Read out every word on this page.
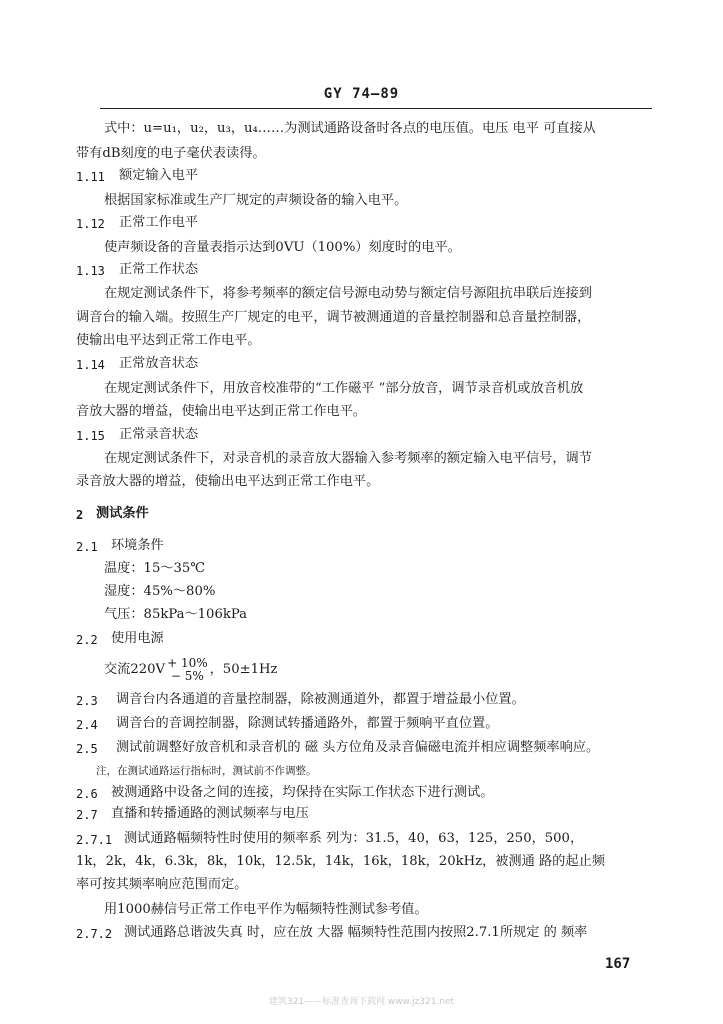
GY 74—89
式中：u=u₁，u₂，u₃，u₄……为测试通路设备时各点的电压值。电压 电平 可直接从
带有dB刻度的电子毫伏表读得。
1.11 额定输入电平
根据国家标准或生产厂规定的声频设备的输入电平。
1.12 正常工作电平
使声频设备的音量表指示达到0VU（100%）刻度时的电平。
1.13 正常工作状态
在规定测试条件下，将参考频率的额定信号源电动势与额定信号源阻抗串联后连接到
调音台的输入端。按照生产厂规定的电平，调节被测通道的音量控制器和总音量控制器，
使输出电平达到正常工作电平。
1.14 正常放音状态
在规定测试条件下，用放音校准带的“工作磁平 ”部分放音，调节录音机或放音机放
音放大器的增益，使输出电平达到正常工作电平。
1.15 正常录音状态
在规定测试条件下，对录音机的录音放大器输入参考频率的额定输入电平信号，调节
录音放大器的增益，使输出电平达到正常工作电平。
2 测试条件
2.1 环境条件
温度：15～35℃
湿度：45%～80%
气压：85kPa～106kPa
2.2 使用电源
交流220V + 10%
− 5% ，50±1Hz
2.3 调音台内各通道的音量控制器，除被测通道外，都置于增益最小位置。
2.4 调音台的音调控制器，除测试转播通路外，都置于频响平直位置。
2.5 测试前调整好放音机和录音机的 磁 头方位角及录音偏磁电流并相应调整频率响应。
注，在测试通路运行指标时，测试前不作调整。
2.6 被测通路中设备之间的连接，均保持在实际工作状态下进行测试。
2.7 直播和转播通路的测试频率与电压
2.7.1 测试通路幅频特性时使用的频率系 列为：31.5，40，63，125，250，500，
1k，2k，4k，6.3k，8k，10k，12.5k，14k，16k，18k，20kHz，被测通 路的起止频
率可按其频率响应范围而定。
用1000赫信号正常工作电平作为幅频特性测试参考值。
2.7.2 测试通路总谐波失真 时，应在放 大器 幅频特性范围内按照2.7.1所规定 的 频率
167
建筑321——标准查询下载网 www.jz321.net
